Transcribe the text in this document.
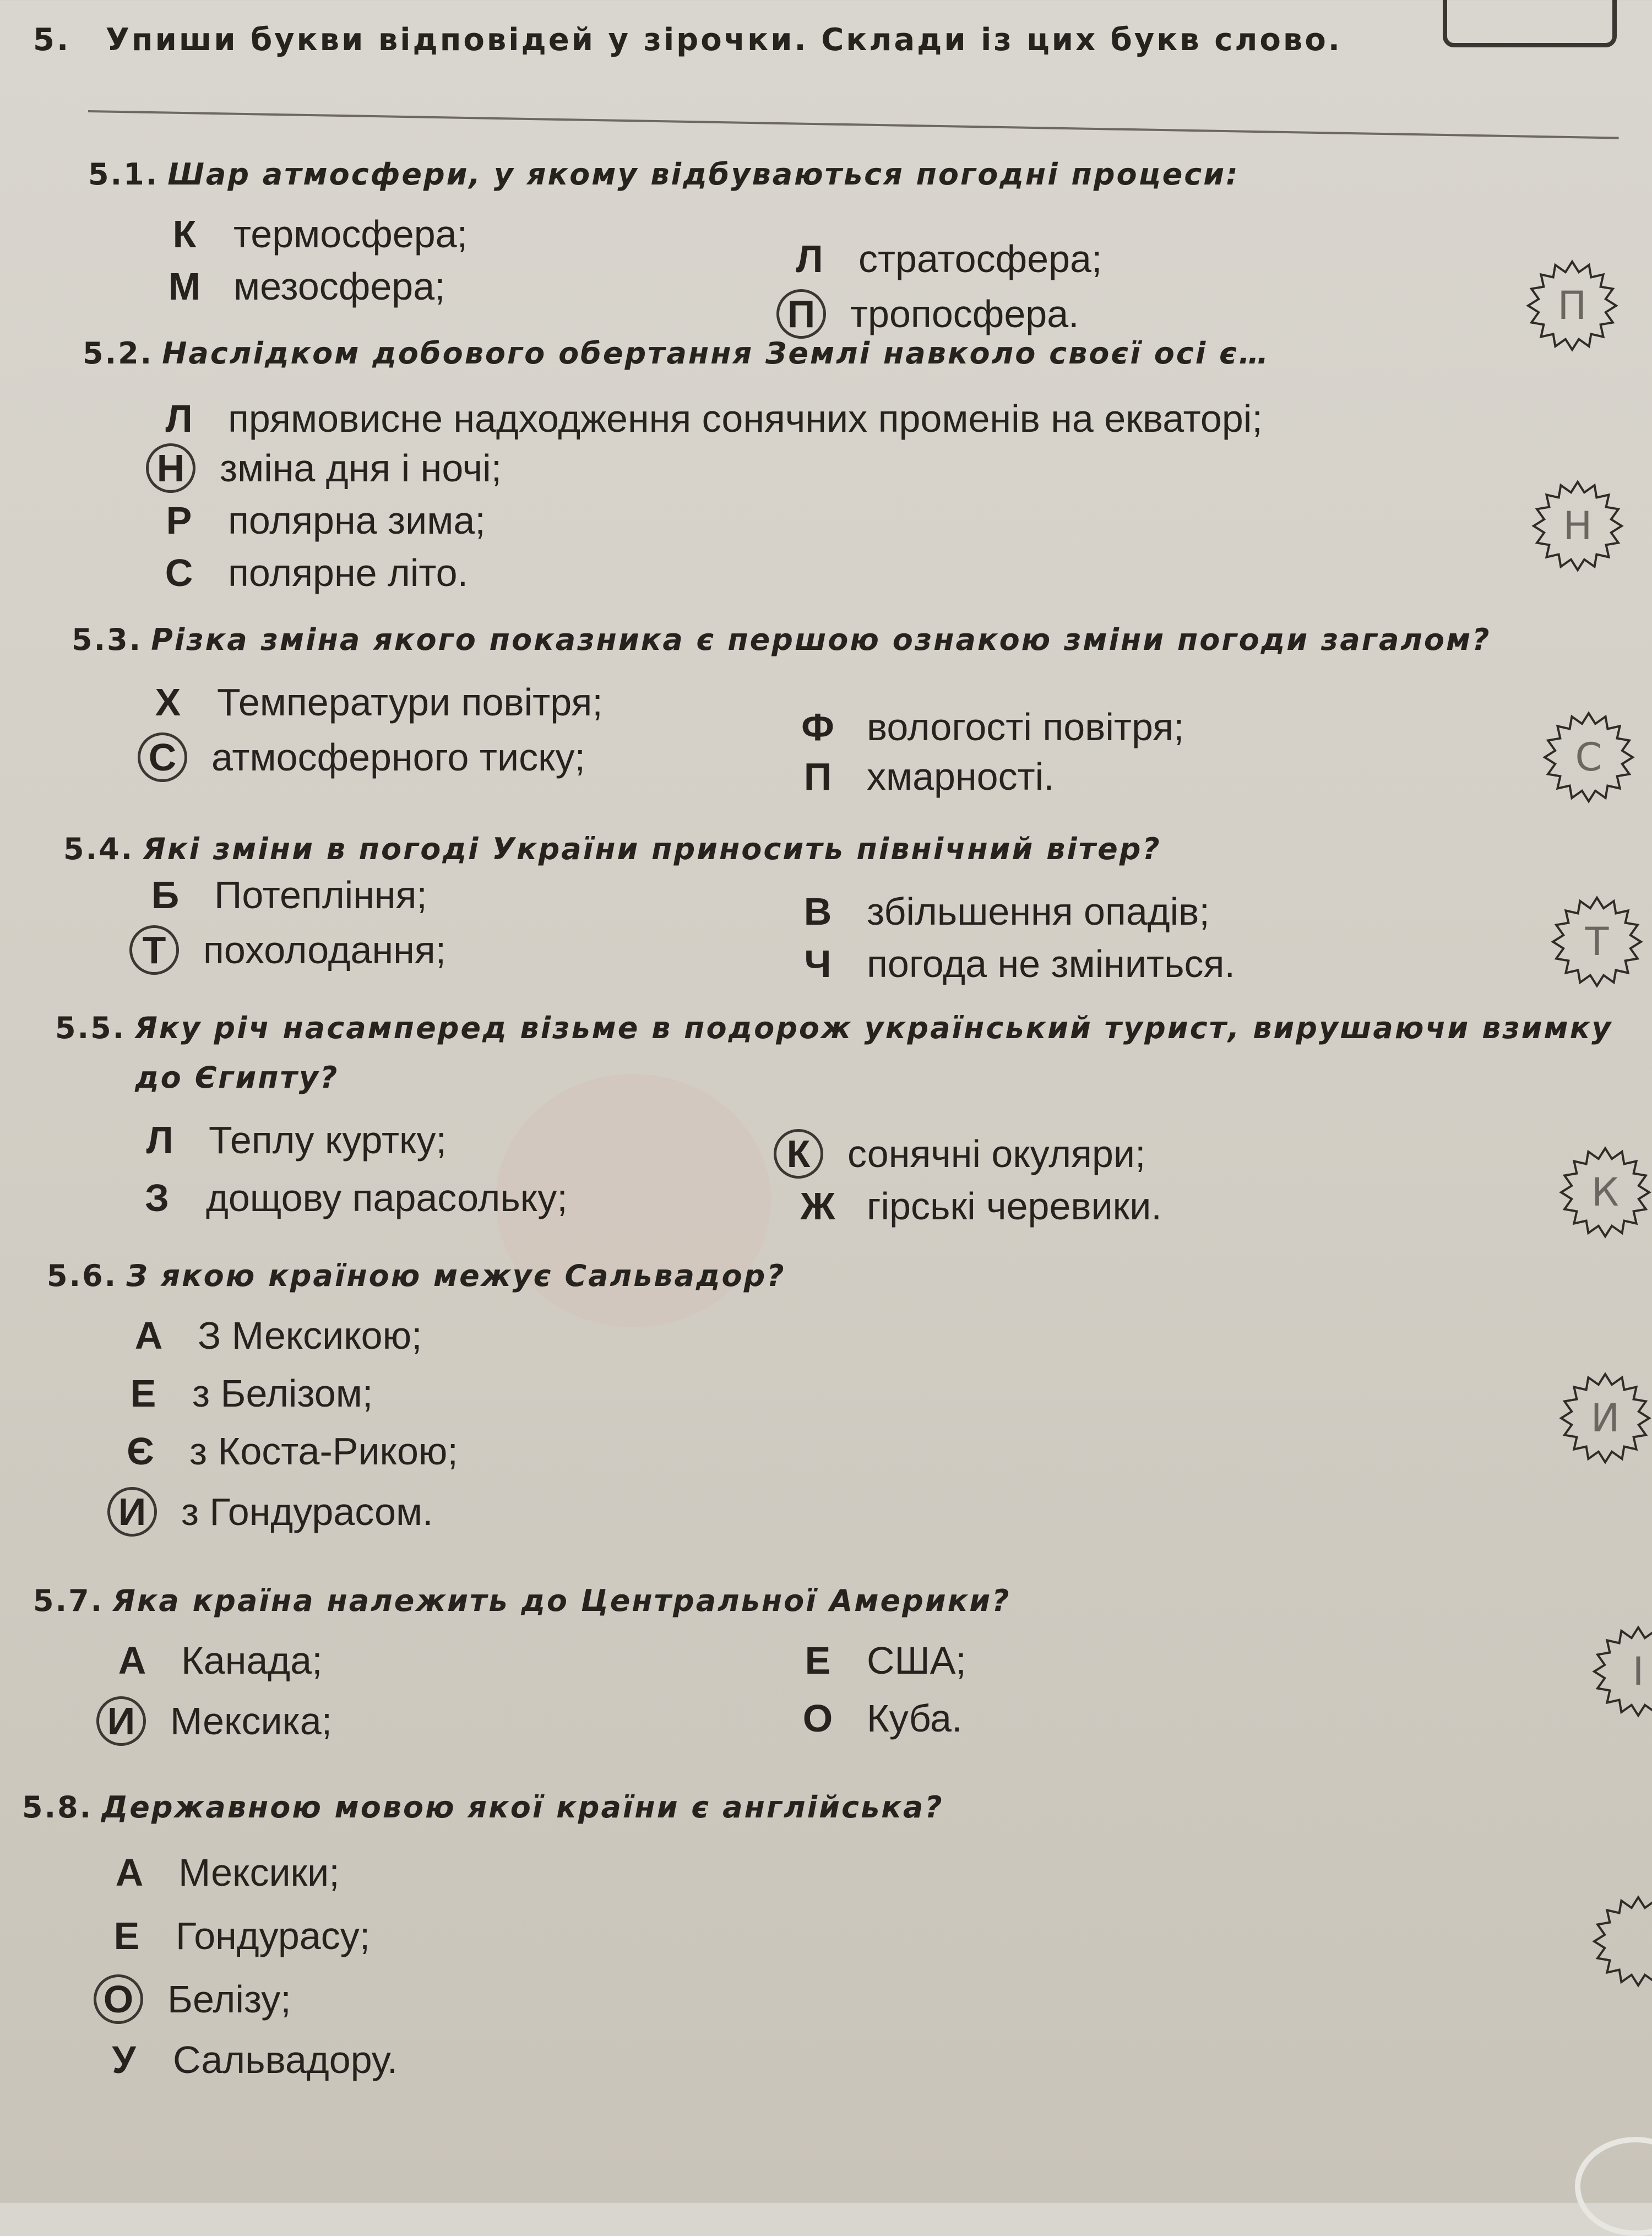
5. Упиши букви відповідей у зірочки. Склади із цих букв слово.
5.1. Шар атмосфери, у якому відбуваються погодні процеси:
К термосфера;
Л стратосфера;
М мезосфера;
П тропосфера.	П
5.2. Наслідком добового обертання Землі навколо своєї осі є…
Л прямовисне надходження сонячних променів на екваторі;
Н зміна дня і ночі;
Р полярна зима;
С полярне літо.
Н
5.3. Різка зміна якого показника є першою ознакою зміни погоди загалом?
Х Температури повітря;
Ф вологості повітря;
С атмосферного тиску;	П хмарності.	С
5.4. Які зміни в погоді України приносить північний вітер?
Б Потепління;	В збільшення опадів;
Т похолодання;	Ч погода не зміниться.	Т
5.5. Яку річ насамперед візьме в подорож український турист, вирушаючи взимку
до Єгипту?
Л Теплу куртку;	К сонячні окуляри;
З дощову парасольку;	Ж гірські черевики.	К
5.6. З якою країною межує Сальвадор?
А З Мексикою;
Е з Белізом;
Є з Коста-Рикою;
И з Гондурасом.
И
5.7. Яка країна належить до Центральної Америки?
А Канада;	Е США;
И Мексика;	О Куба.
І
5.8. Державною мовою якої країни є англійська?
А Мексики;
Е Гондурасу;
О Белізу;
У Сальвадору.
